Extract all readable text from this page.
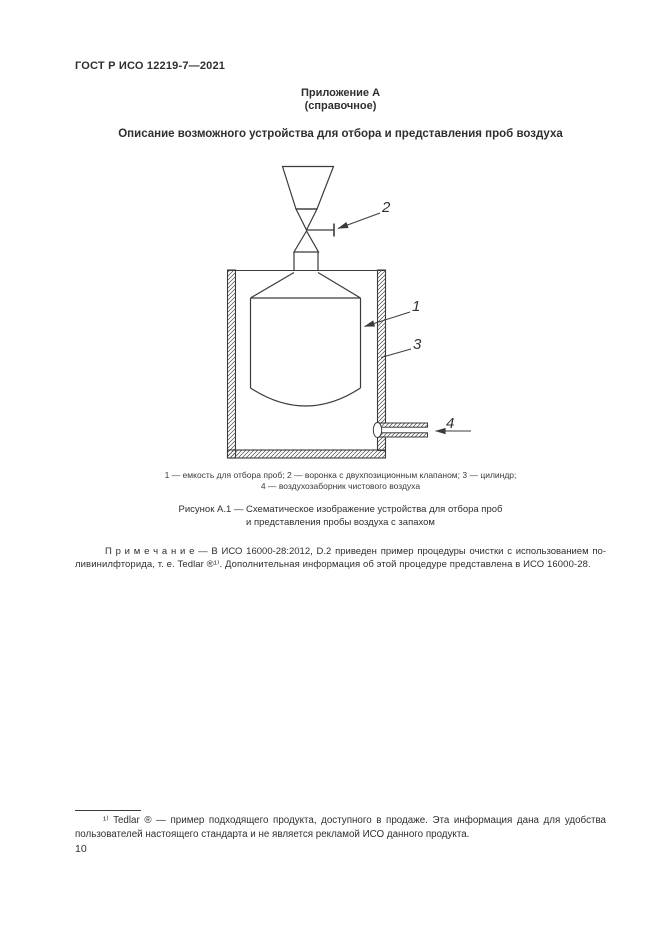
ГОСТ Р ИСО 12219-7—2021
Приложение А
(справочное)
Описание возможного устройства для отбора и представления проб воздуха
2
1
3
4
1 — емкость для отбора проб; 2 — воронка с двухпозиционным клапаном; 3 — цилиндр;
4 — воздухозаборник чистового воздуха
Рисунок А.1 — Схематическое изображение устройства для отбора проб
и представления пробы воздуха с запахом
П р и м е ч а н и е — В ИСО 16000-28:2012, D.2 приведен пример процедуры очистки с использованием по-
ливинилфторида, т. е. Tedlar ®¹⁾. Дополнительная информация об этой процедуре представлена в ИСО 16000-28.
¹⁾ Tedlar ® — пример подходящего продукта, доступного в продаже. Эта информация дана для удобства
пользователей настоящего стандарта и не является рекламой ИСО данного продукта.
10
